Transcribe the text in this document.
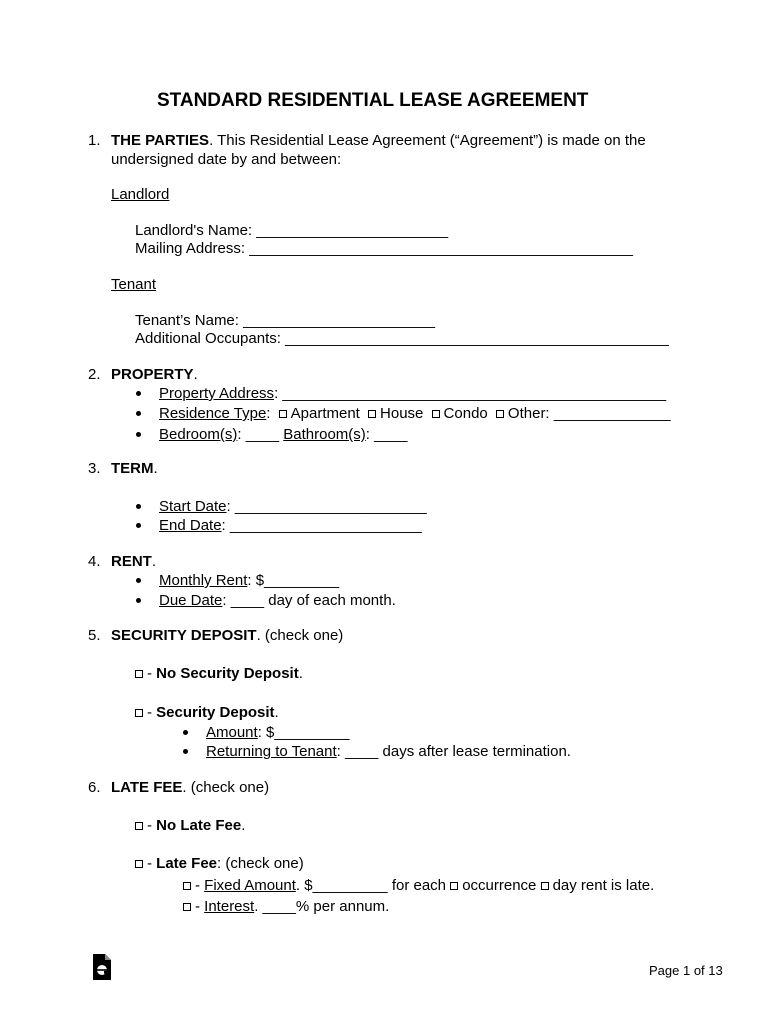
STANDARD RESIDENTIAL LEASE AGREEMENT
1. THE PARTIES. This Residential Lease Agreement (“Agreement”) is made on the
undersigned date by and between:
Landlord
Landlord's Name: _______________________
Mailing Address: ______________________________________________
Tenant
Tenant’s Name: _______________________
Additional Occupants: ______________________________________________
2. PROPERTY.
Property Address: ______________________________________________
Residence Type: Apartment House Condo Other: ______________
Bedroom(s): ____ Bathroom(s): ____
3. TERM.
Start Date: _______________________
End Date: _______________________
4. RENT.
Monthly Rent: $_________
Due Date: ____ day of each month.
5. SECURITY DEPOSIT. (check one)
- No Security Deposit.
- Security Deposit.
Amount: $_________
Returning to Tenant: ____ days after lease termination.
6. LATE FEE. (check one)
- No Late Fee.
- Late Fee: (check one)
- Fixed Amount. $_________ for each occurrence day rent is late.
- Interest. ____% per annum.
Page 1 of 13
